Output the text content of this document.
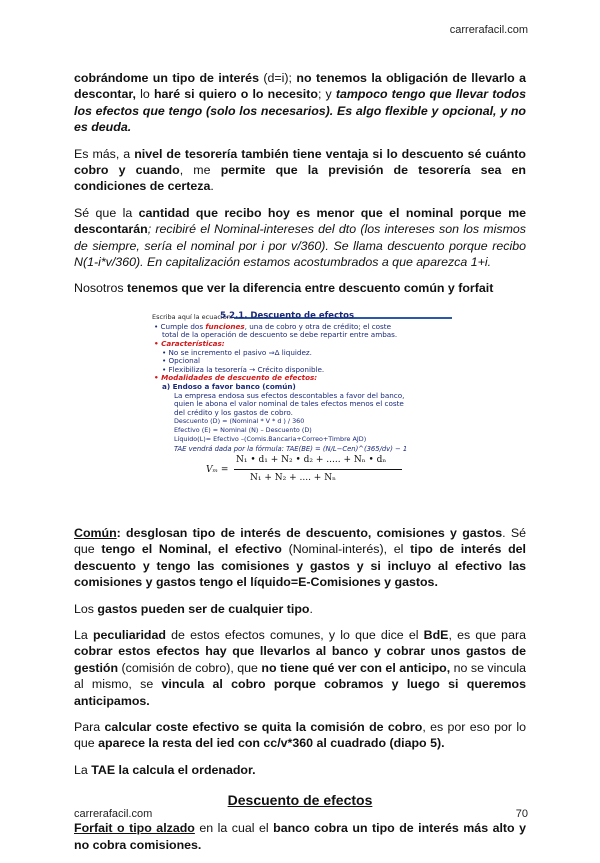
carrerafacil.com

cobrándome un tipo de interés (d=i); no tenemos la obligación de llevarlo a descontar, lo haré si quiero o lo necesito; y tampoco tengo que llevar todos los efectos que tengo (solo los necesarios). Es algo flexible y opcional, y no es deuda.

Es más, a nivel de tesorería también tiene ventaja si lo descuento sé cuánto cobro y cuando, me permite que la previsión de tesorería sea en condiciones de certeza.

Sé que la cantidad que recibo hoy es menor que el nominal porque me descontarán; recibiré el Nominal-intereses del dto (los intereses son los mismos de siempre, sería el nominal por i por v/360). Se llama descuento porque recibo N(1-i*v/360). En capitalización estamos acostumbrados a que aparezca 1+i.

Nosotros tenemos que ver la diferencia entre descuento común y forfait

Escriba aquí la ecuación.
5.2.1. Descuento de efectos
• Cumple dos funciones, una de cobro y otra de crédito; el coste
total de la operación de descuento se debe repartir entre ambas.
• Características:
• No se incremento el pasivo ⇒Δ liquidez.
• Opcional
• Flexibiliza la tesorería → Crécito disponible.
• Modalidades de descuento de efectos:
a) Endoso a favor banco (común)
La empresa endosa sus efectos descontables a favor del banco,
quien le abona el valor nominal de tales efectos menos el coste
del crédito y los gastos de cobro.
Descuento (D) = (Nominal * V * d ) / 360
Efectivo (E) = Nominal (N) – Descuento (D)
Líquido(L)= Efectivo –(Comis.Bancaria+Correo+Timbre AJD)
TAE vendrá dada por la fórmula: TAE(BE) = (N/L−Cen)^(365/dv) − 1
Vₘ =
N₁ • d₁ + N₂ • d₂ + ..... + Nₙ • dₙ
N₁ + N₂ + .... + Nₙ

Común: desglosan tipo de interés de descuento, comisiones y gastos. Sé que tengo el Nominal, el efectivo (Nominal-interés), el tipo de interés del descuento y tengo las comisiones y gastos y si incluyo al efectivo las comisiones y gastos tengo el líquido=E-Comisiones y gastos.

Los gastos pueden ser de cualquier tipo.

La peculiaridad de estos efectos comunes, y lo que dice el BdE, es que para cobrar estos efectos hay que llevarlos al banco y cobrar unos gastos de gestión (comisión de cobro), que no tiene qué ver con el anticipo, no se vincula al mismo, se vincula al cobro porque cobramos y luego si queremos anticipamos.

Para calcular coste efectivo se quita la comisión de cobro, es por eso por lo que aparece la resta del ied con cc/v*360 al cuadrado (diapo 5).

La TAE la calcula el ordenador.

Descuento de efectos

Forfait o tipo alzado en la cual el banco cobra un tipo de interés más alto y no cobra comisiones.

carrerafacil.com	70
